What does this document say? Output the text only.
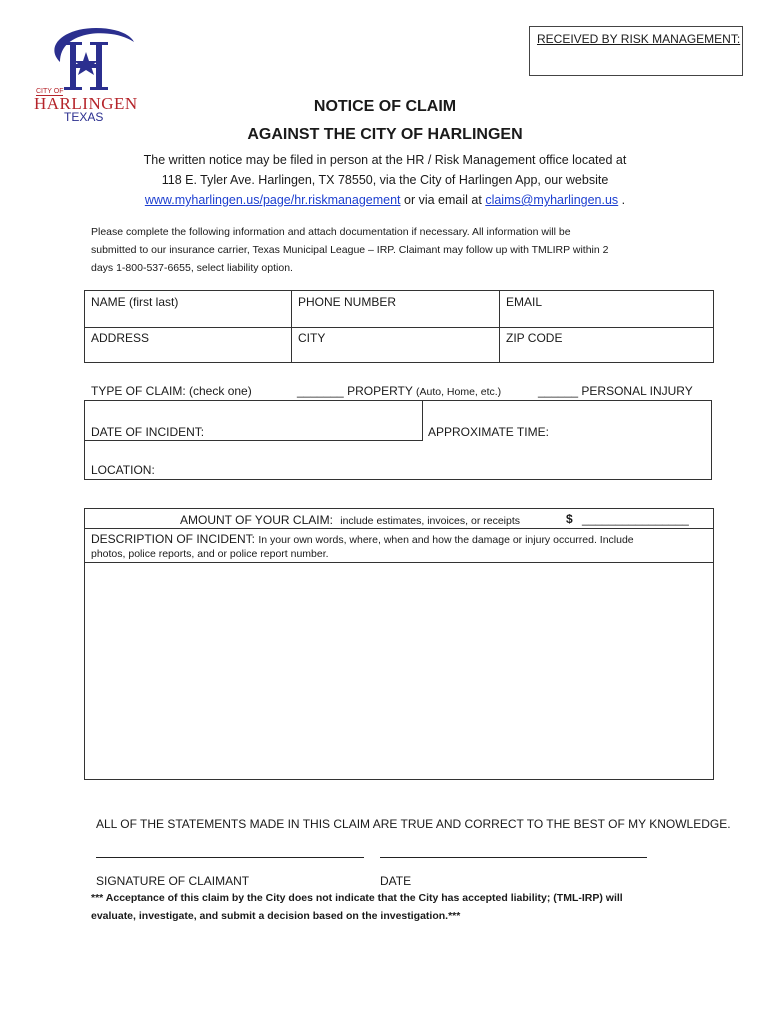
CITY OF
HARLINGEN
TEXAS
RECEIVED BY RISK MANAGEMENT:
NOTICE OF CLAIM
AGAINST THE CITY OF HARLINGEN
The written notice may be filed in person at the HR / Risk Management office located at
118 E. Tyler Ave. Harlingen, TX 78550, via the City of Harlingen App, our website
www.myharlingen.us/page/hr.riskmanagement or via email at claims@myharlingen.us .
Please complete the following information and attach documentation if necessary. All information will be
submitted to our insurance carrier, Texas Municipal League – IRP. Claimant may follow up with TMLIRP within 2
days 1-800-537-6655, select liability option.
NAME (first last)	PHONE NUMBER	EMAIL
ADDRESS	CITY	ZIP CODE
TYPE OF CLAIM: (check one)	_______ PROPERTY (Auto, Home, etc.)	______ PERSONAL INJURY
DATE OF INCIDENT:	APPROXIMATE TIME:
LOCATION:
AMOUNT OF YOUR CLAIM: include estimates, invoices, or receipts	$ ________________
DESCRIPTION OF INCIDENT: In your own words, where, when and how the damage or injury occurred. Include
photos, police reports, and or police report number.
ALL OF THE STATEMENTS MADE IN THIS CLAIM ARE TRUE AND CORRECT TO THE BEST OF MY KNOWLEDGE.
SIGNATURE OF CLAIMANT	DATE
*** Acceptance of this claim by the City does not indicate that the City has accepted liability; (TML-IRP) will
evaluate, investigate, and submit a decision based on the investigation.***
